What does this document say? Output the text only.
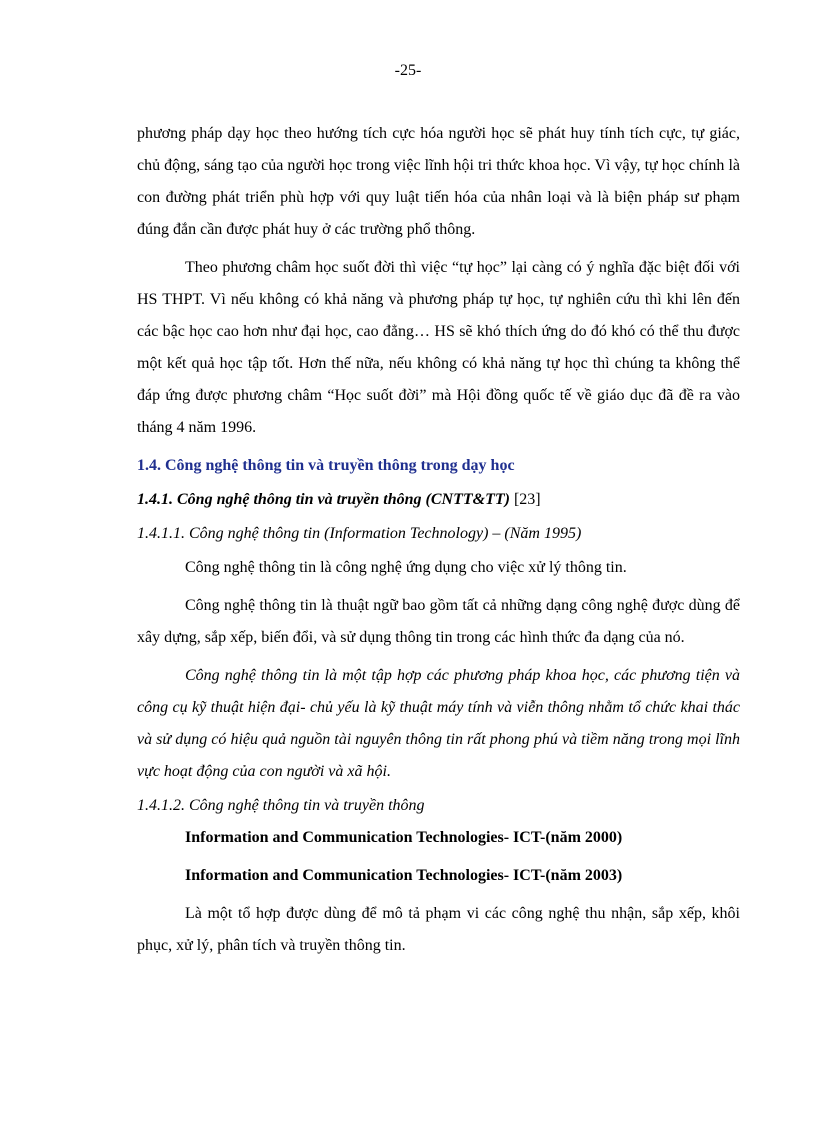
-25-

phương pháp dạy học theo hướng tích cực hóa người học sẽ phát huy tính tích cực, tự giác, chủ động, sáng tạo của người học trong việc lĩnh hội tri thức khoa học. Vì vậy, tự học chính là con đường phát triển phù hợp với quy luật tiến hóa của nhân loại và là biện pháp sư phạm đúng đắn cần được phát huy ở các trường phổ thông.

Theo phương châm học suốt đời thì việc “tự học” lại càng có ý nghĩa đặc biệt đối với HS THPT. Vì nếu không có khả năng và phương pháp tự học, tự nghiên cứu thì khi lên đến các bậc học cao hơn như đại học, cao đẳng… HS sẽ khó thích ứng do đó khó có thể thu được một kết quả học tập tốt. Hơn thế nữa, nếu không có khả năng tự học thì chúng ta không thể đáp ứng được phương châm “Học suốt đời” mà Hội đồng quốc tế về giáo dục đã đề ra vào tháng 4 năm 1996.

1.4. Công nghệ thông tin và truyền thông trong dạy học

1.4.1. Công nghệ thông tin và truyền thông (CNTT&TT) [23]

1.4.1.1. Công nghệ thông tin (Information Technology) – (Năm 1995)

Công nghệ thông tin là công nghệ ứng dụng cho việc xử lý thông tin.

Công nghệ thông tin là thuật ngữ bao gồm tất cả những dạng công nghệ được dùng để xây dựng, sắp xếp, biến đổi, và sử dụng thông tin trong các hình thức đa dạng của nó.

Công nghệ thông tin là một tập hợp các phương pháp khoa học, các phương tiện và công cụ kỹ thuật hiện đại- chủ yếu là kỹ thuật máy tính và viễn thông nhằm tổ chức khai thác và sử dụng có hiệu quả nguồn tài nguyên thông tin rất phong phú và tiềm năng trong mọi lĩnh vực hoạt động của con người và xã hội.

1.4.1.2. Công nghệ thông tin và truyền thông

Information and Communication Technologies- ICT-(năm 2000)

Information and Communication Technologies- ICT-(năm 2003)

Là một tổ hợp được dùng để mô tả phạm vi các công nghệ thu nhận, sắp xếp, khôi phục, xử lý, phân tích và truyền thông tin.
